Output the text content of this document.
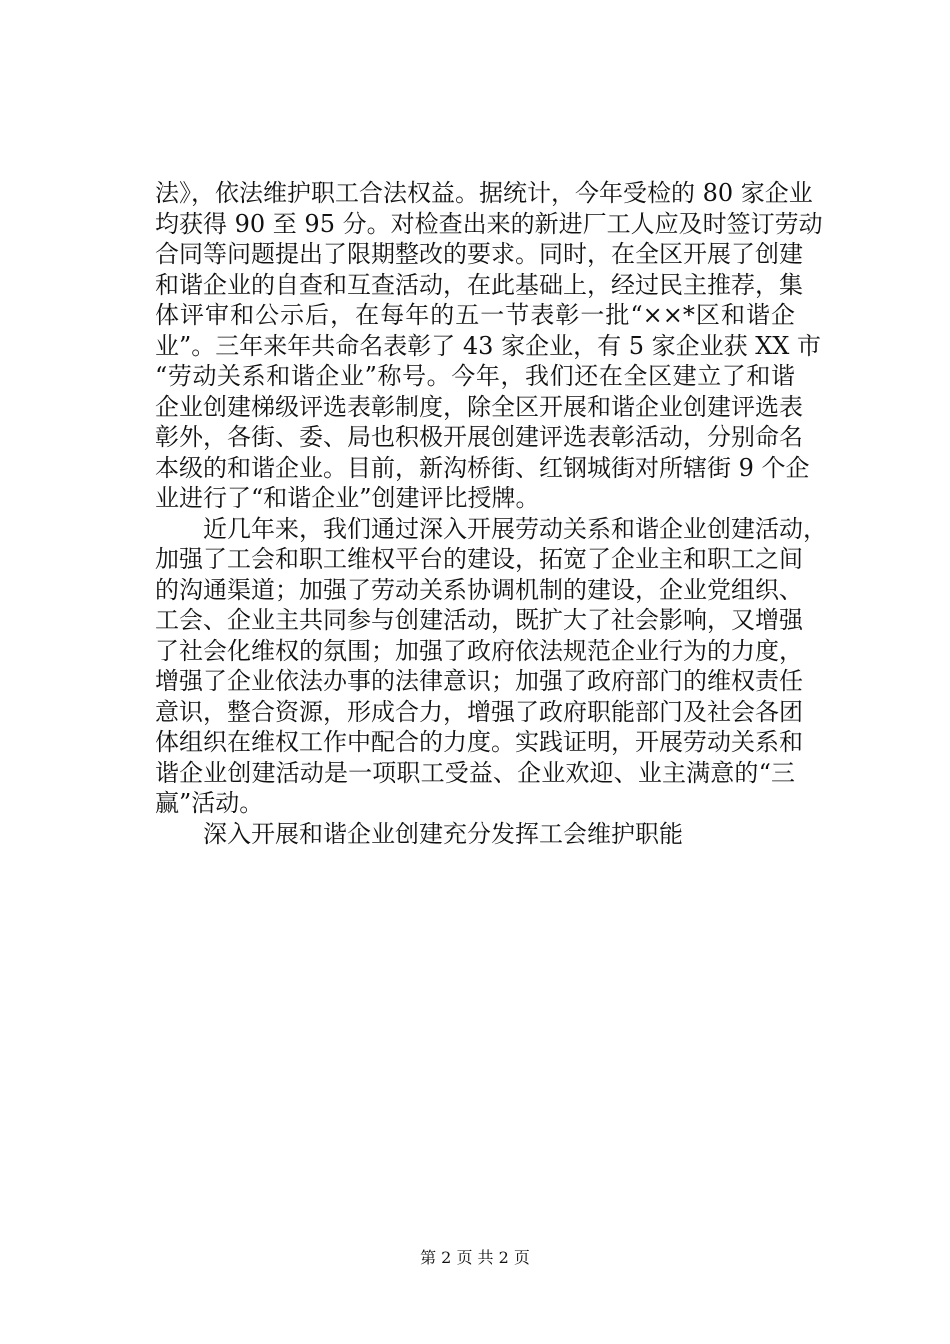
法》，依法维护职工合法权益。据统计，今年受检的 80 家企业
均获得 90 至 95 分。对检查出来的新进厂工人应及时签订劳动
合同等问题提出了限期整改的要求。同时，在全区开展了创建
和谐企业的自查和互查活动，在此基础上，经过民主推荐，集
体评审和公示后，在每年的五一节表彰一批“××*区和谐企
业”。三年来年共命名表彰了 43 家企业，有 5 家企业获 XX 市
“劳动关系和谐企业”称号。今年，我们还在全区建立了和谐
企业创建梯级评选表彰制度，除全区开展和谐企业创建评选表
彰外，各街、委、局也积极开展创建评选表彰活动，分别命名
本级的和谐企业。目前，新沟桥街、红钢城街对所辖街 9 个企
业进行了“和谐企业”创建评比授牌。
　　近几年来，我们通过深入开展劳动关系和谐企业创建活动，
加强了工会和职工维权平台的建设，拓宽了企业主和职工之间
的沟通渠道；加强了劳动关系协调机制的建设，企业党组织、
工会、企业主共同参与创建活动，既扩大了社会影响，又增强
了社会化维权的氛围；加强了政府依法规范企业行为的力度，
增强了企业依法办事的法律意识；加强了政府部门的维权责任
意识，整合资源，形成合力，增强了政府职能部门及社会各团
体组织在维权工作中配合的力度。实践证明，开展劳动关系和
谐企业创建活动是一项职工受益、企业欢迎、业主满意的“三
赢”活动。
　　深入开展和谐企业创建充分发挥工会维护职能
第 2 页 共 2 页
